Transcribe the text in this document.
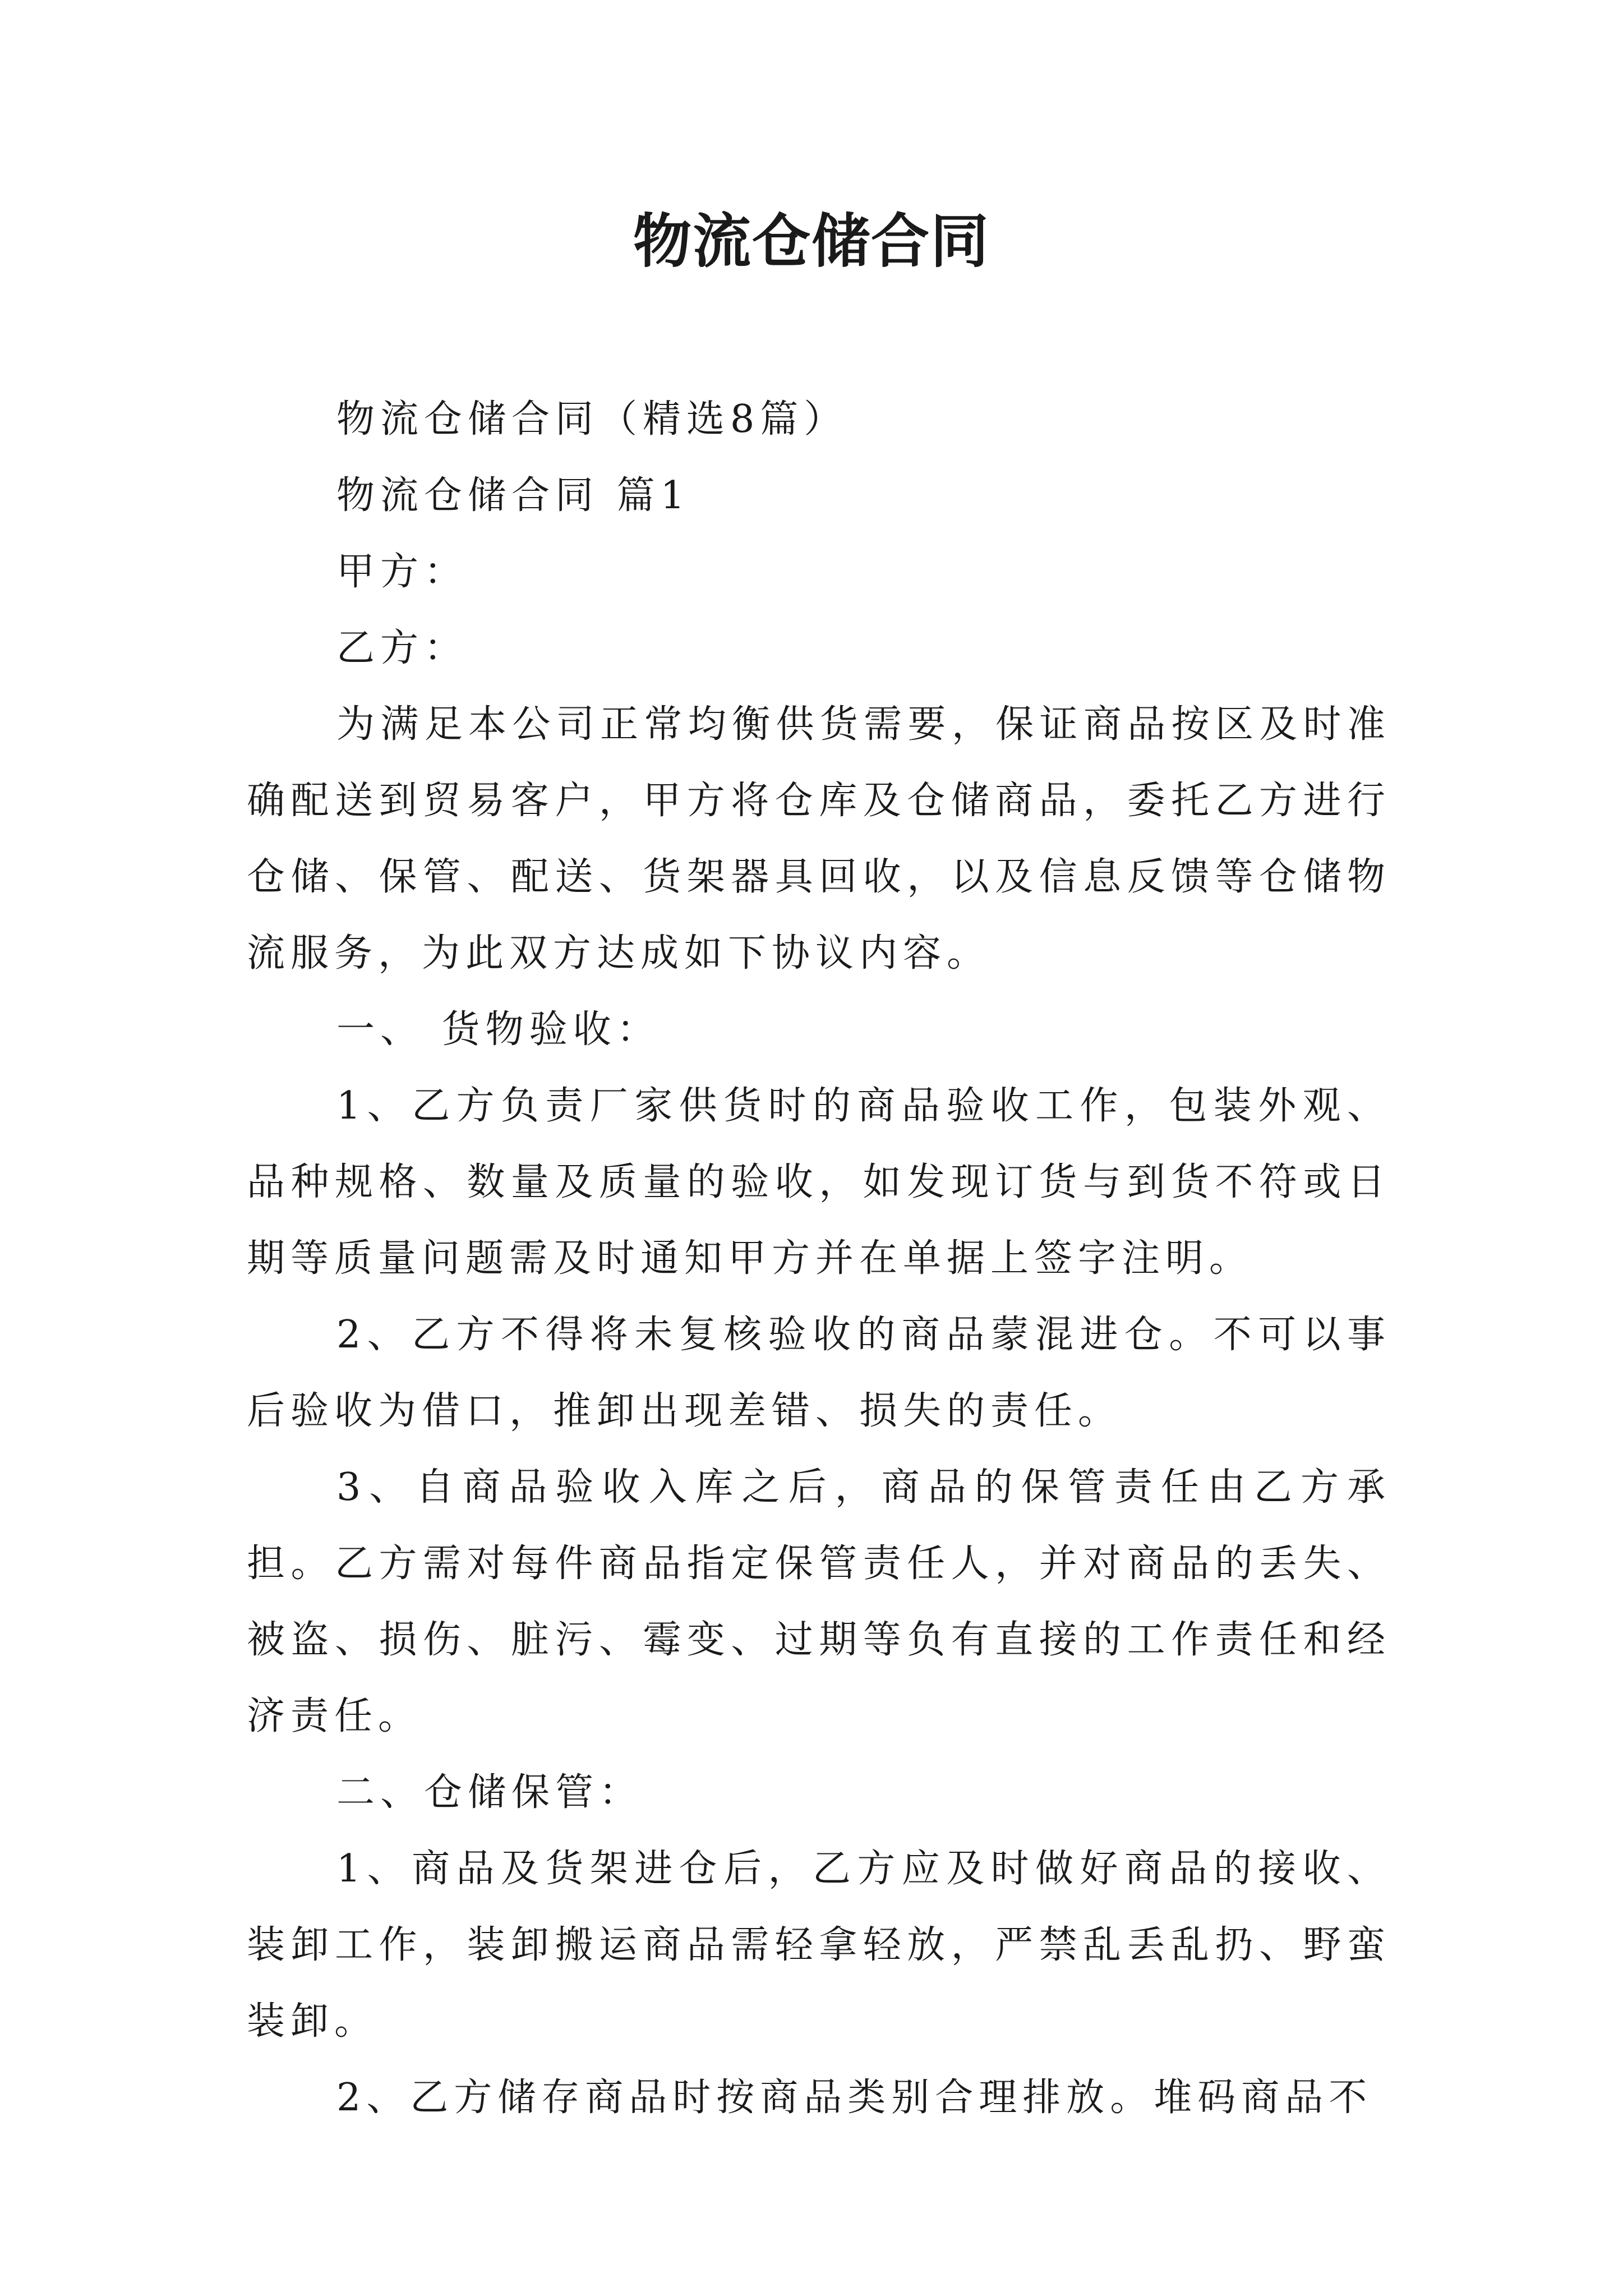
物流仓储合同

物流仓储合同（精选8篇）

物流仓储合同 篇1

甲方：

乙方：

为满足本公司正常均衡供货需要，保证商品按区及时准确配送到贸易客户，甲方将仓库及仓储商品，委托乙方进行仓储、保管、配送、货架器具回收，以及信息反馈等仓储物流服务，为此双方达成如下协议内容。

一、 货物验收：

1、乙方负责厂家供货时的商品验收工作，包装外观、品种规格、数量及质量的验收，如发现订货与到货不符或日期等质量问题需及时通知甲方并在单据上签字注明。

2、乙方不得将未复核验收的商品蒙混进仓。不可以事后验收为借口，推卸出现差错、损失的责任。

3、自商品验收入库之后，商品的保管责任由乙方承担。乙方需对每件商品指定保管责任人，并对商品的丢失、被盗、损伤、脏污、霉变、过期等负有直接的工作责任和经济责任。

二、仓储保管：

1、商品及货架进仓后，乙方应及时做好商品的接收、装卸工作，装卸搬运商品需轻拿轻放，严禁乱丢乱扔、野蛮装卸。

2、乙方储存商品时按商品类别合理排放。堆码商品不
